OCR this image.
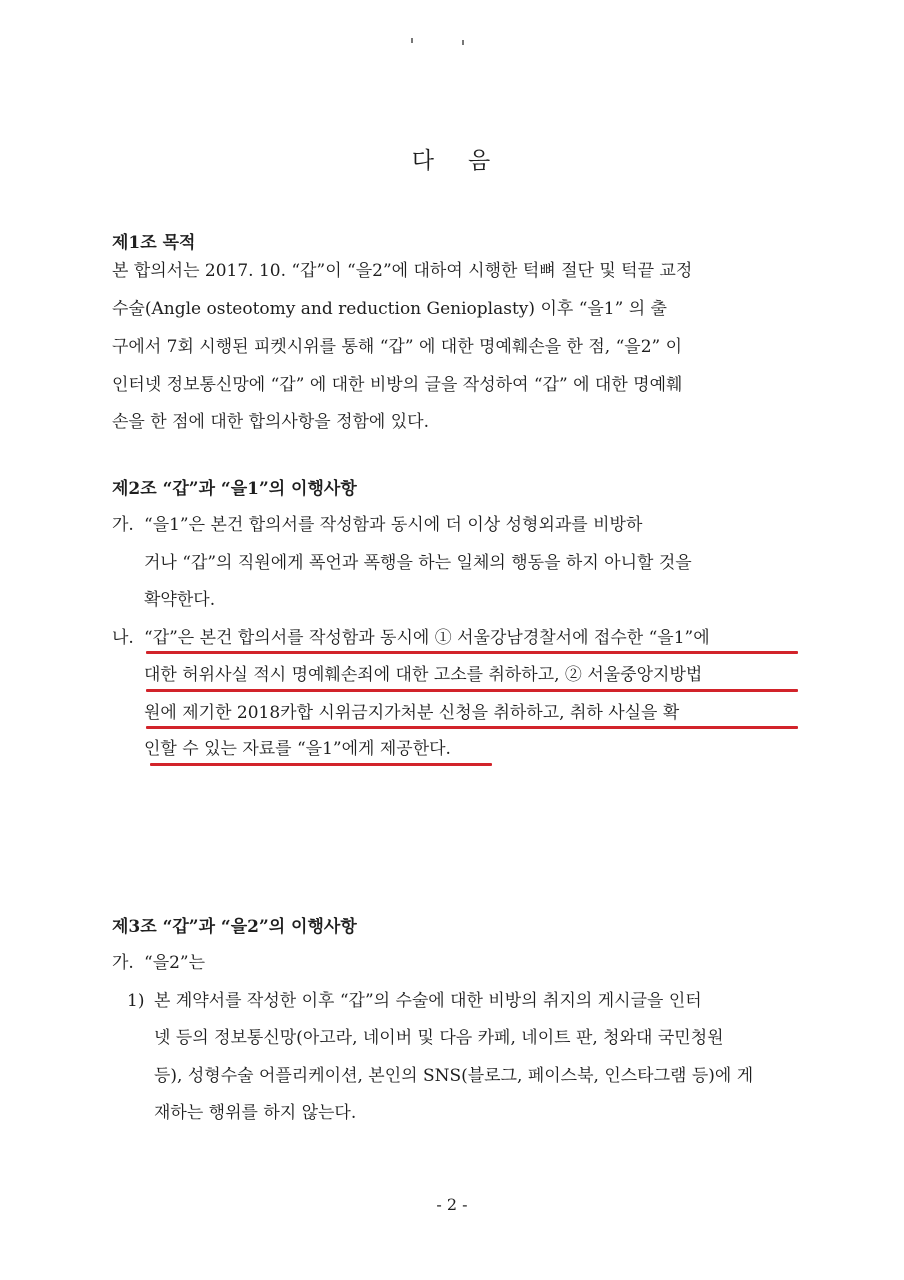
다 음
제1조 목적
본 합의서는 2017. 10. “갑”이 “을2”에 대하여 시행한 턱뼈 절단 및 턱끝 교정
수술(Angle osteotomy and reduction Genioplasty) 이후 “을1” 의 출
구에서 7회 시행된 피켓시위를 통해 “갑” 에 대한 명예훼손을 한 점, “을2” 이
인터넷 정보통신망에 “갑” 에 대한 비방의 글을 작성하여 “갑” 에 대한 명예훼
손을 한 점에 대한 합의사항을 정함에 있다.
제2조 “갑”과 “을1”의 이행사항
가. “을1”은 본건 합의서를 작성함과 동시에 더 이상 성형외과를 비방하
거나 “갑”의 직원에게 폭언과 폭행을 하는 일체의 행동을 하지 아니할 것을
확약한다.
나. “갑”은 본건 합의서를 작성함과 동시에 ① 서울강남경찰서에 접수한 “을1”에
대한 허위사실 적시 명예훼손죄에 대한 고소를 취하하고, ② 서울중앙지방법
원에 제기한 2018카합 시위금지가처분 신청을 취하하고, 취하 사실을 확
인할 수 있는 자료를 “을1”에게 제공한다.
제3조 “갑”과 “을2”의 이행사항
가. “을2”는
1) 본 계약서를 작성한 이후 “갑”의 수술에 대한 비방의 취지의 게시글을 인터
넷 등의 정보통신망(아고라, 네이버 및 다음 카페, 네이트 판, 청와대 국민청원
등), 성형수술 어플리케이션, 본인의 SNS(블로그, 페이스북, 인스타그램 등)에 게
재하는 행위를 하지 않는다.
- 2 -
